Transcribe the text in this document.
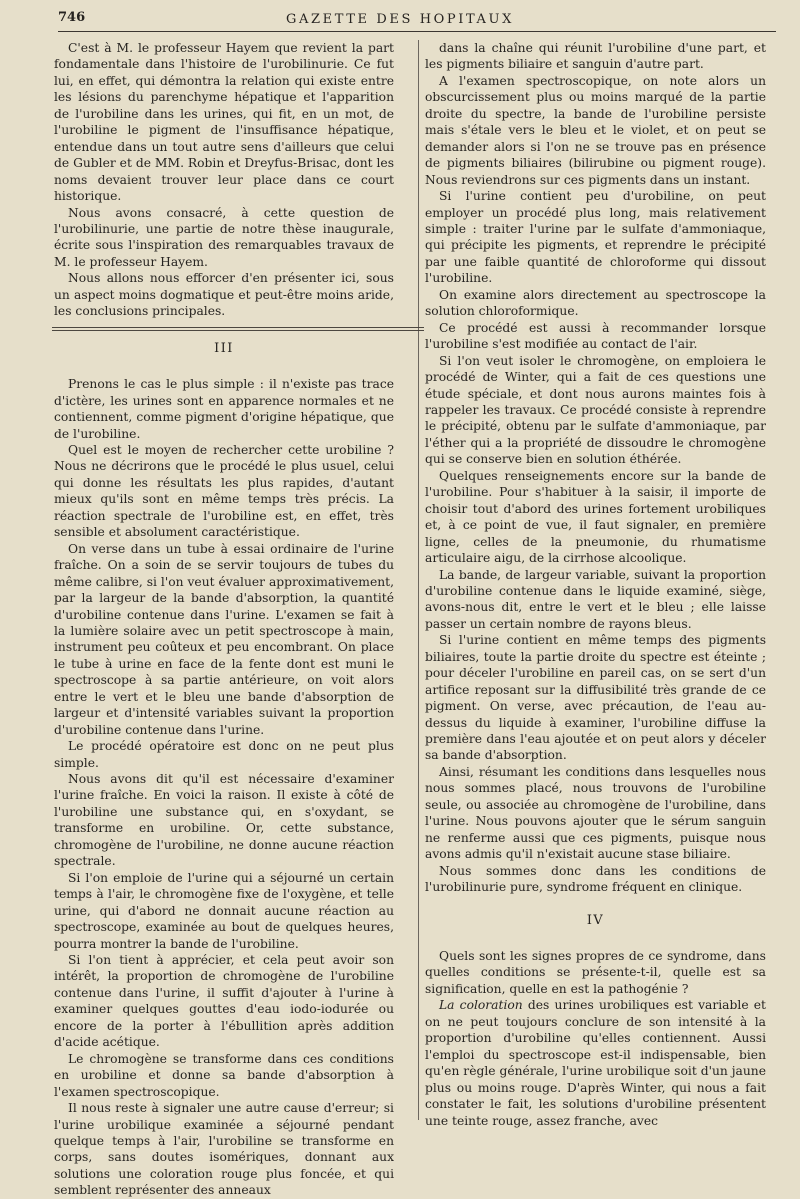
746	GAZETTE DES HOPITAUX

C'est à M. le professeur Hayem que revient la part fondamentale dans l'histoire de l'urobilinurie. Ce fut lui, en effet, qui démontra la relation qui existe entre les lésions du parenchyme hépatique et l'apparition de l'urobiline dans les urines, qui fit, en un mot, de l'urobiline le pigment de l'insuffisance hépatique, entendue dans un tout autre sens d'ailleurs que celui de Gubler et de MM. Robin et Dreyfus-Brisac, dont les noms devaient trouver leur place dans ce court historique.

Nous avons consacré, à cette question de l'urobilinurie, une partie de notre thèse inaugurale, écrite sous l'inspiration des remarquables travaux de M. le professeur Hayem.

Nous allons nous efforcer d'en présenter ici, sous un aspect moins dogmatique et peut-être moins aride, les conclusions principales.

III

Prenons le cas le plus simple : il n'existe pas trace d'ictère, les urines sont en apparence normales et ne contiennent, comme pigment d'origine hépatique, que de l'urobiline.

Quel est le moyen de rechercher cette urobiline ? Nous ne décrirons que le procédé le plus usuel, celui qui donne les résultats les plus rapides, d'autant mieux qu'ils sont en même temps très précis. La réaction spectrale de l'urobiline est, en effet, très sensible et absolument caractéristique.

On verse dans un tube à essai ordinaire de l'urine fraîche. On a soin de se servir toujours de tubes du même calibre, si l'on veut évaluer approximativement, par la largeur de la bande d'absorption, la quantité d'urobiline contenue dans l'urine. L'examen se fait à la lumière solaire avec un petit spectroscope à main, instrument peu coûteux et peu encombrant. On place le tube à urine en face de la fente dont est muni le spectroscope à sa partie antérieure, on voit alors entre le vert et le bleu une bande d'absorption de largeur et d'intensité variables suivant la proportion d'urobiline contenue dans l'urine.

Le procédé opératoire est donc on ne peut plus simple.

Nous avons dit qu'il est nécessaire d'examiner l'urine fraîche. En voici la raison. Il existe à côté de l'urobiline une substance qui, en s'oxydant, se transforme en urobiline. Or, cette substance, chromogène de l'urobiline, ne donne aucune réaction spectrale.

Si l'on emploie de l'urine qui a séjourné un certain temps à l'air, le chromogène fixe de l'oxygène, et telle urine, qui d'abord ne donnait aucune réaction au spectroscope, examinée au bout de quelques heures, pourra montrer la bande de l'urobiline.

Si l'on tient à apprécier, et cela peut avoir son intérêt, la proportion de chromogène de l'urobiline contenue dans l'urine, il suffit d'ajouter à l'urine à examiner quelques gouttes d'eau iodo-iodurée ou encore de la porter à l'ébullition après addition d'acide acétique.

Le chromogène se transforme dans ces conditions en urobiline et donne sa bande d'absorption à l'examen spectroscopique.

Il nous reste à signaler une autre cause d'erreur; si l'urine urobilique examinée a séjourné pendant quelque temps à l'air, l'urobiline se transforme en corps, sans doutes isomériques, donnant aux solutions une coloration rouge plus foncée, et qui semblent représenter des anneaux

dans la chaîne qui réunit l'urobiline d'une part, et les pigments biliaire et sanguin d'autre part.

A l'examen spectroscopique, on note alors un obscurcissement plus ou moins marqué de la partie droite du spectre, la bande de l'urobiline persiste mais s'étale vers le bleu et le violet, et on peut se demander alors si l'on ne se trouve pas en présence de pigments biliaires (bilirubine ou pigment rouge). Nous reviendrons sur ces pigments dans un instant.

Si l'urine contient peu d'urobiline, on peut employer un procédé plus long, mais relativement simple : traiter l'urine par le sulfate d'ammoniaque, qui précipite les pigments, et reprendre le précipité par une faible quantité de chloroforme qui dissout l'urobiline.

On examine alors directement au spectroscope la solution chloroformique.

Ce procédé est aussi à recommander lorsque l'urobiline s'est modifiée au contact de l'air.

Si l'on veut isoler le chromogène, on emploiera le procédé de Winter, qui a fait de ces questions une étude spéciale, et dont nous aurons maintes fois à rappeler les travaux. Ce procédé consiste à reprendre le précipité, obtenu par le sulfate d'ammoniaque, par l'éther qui a la propriété de dissoudre le chromogène qui se conserve bien en solution éthérée.

Quelques renseignements encore sur la bande de l'urobiline. Pour s'habituer à la saisir, il importe de choisir tout d'abord des urines fortement urobiliques et, à ce point de vue, il faut signaler, en première ligne, celles de la pneumonie, du rhumatisme articulaire aigu, de la cirrhose alcoolique.

La bande, de largeur variable, suivant la proportion d'urobiline contenue dans le liquide examiné, siège, avons-nous dit, entre le vert et le bleu ; elle laisse passer un certain nombre de rayons bleus.

Si l'urine contient en même temps des pigments biliaires, toute la partie droite du spectre est éteinte ; pour déceler l'urobiline en pareil cas, on se sert d'un artifice reposant sur la diffusibilité très grande de ce pigment. On verse, avec précaution, de l'eau au-dessus du liquide à examiner, l'urobiline diffuse la première dans l'eau ajoutée et on peut alors y déceler sa bande d'absorption.

Ainsi, résumant les conditions dans lesquelles nous nous sommes placé, nous trouvons de l'urobiline seule, ou associée au chromogène de l'urobiline, dans l'urine. Nous pouvons ajouter que le sérum sanguin ne renferme aussi que ces pigments, puisque nous avons admis qu'il n'existait aucune stase biliaire.

Nous sommes donc dans les conditions de l'urobilinurie pure, syndrome fréquent en clinique.

IV

Quels sont les signes propres de ce syndrome, dans quelles conditions se présente-t-il, quelle est sa signification, quelle en est la pathogénie ?

La coloration des urines urobiliques est variable et on ne peut toujours conclure de son intensité à la proportion d'urobiline qu'elles contiennent. Aussi l'emploi du spectroscope est-il indispensable, bien qu'en règle générale, l'urine urobilique soit d'un jaune plus ou moins rouge. D'après Winter, qui nous a fait constater le fait, les solutions d'urobiline présentent une teinte rouge, assez franche, avec
